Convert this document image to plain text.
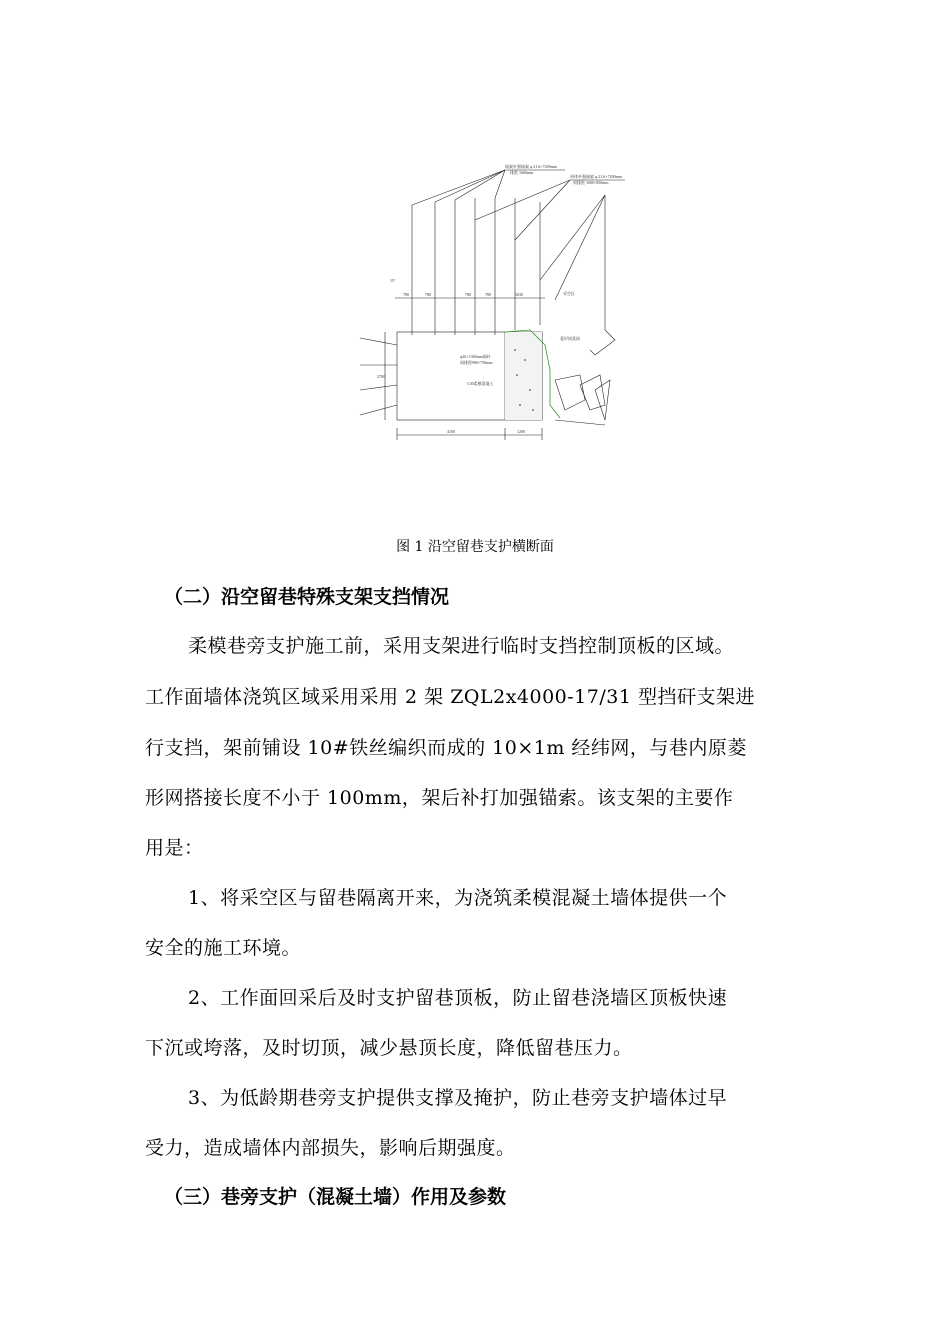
锚索补强锚索 φ 21.6×7200mm
排距 1600mm
单体补强锚索 φ 21.6×7200mm
间排距 1600×850mm
采空区
菱形网柔网
φ20×1300mm锚杆
间排距900×750mm
C30柔模混凝土
780	780	780	780	1630
2700
4100	1200
15°
图 1 沿空留巷支护横断面
（二）沿空留巷特殊支架支挡情况
柔模巷旁支护施工前，采用支架进行临时支挡控制顶板的区域。
工作面墙体浇筑区域采用采用 2 架 ZQL2x4000-17/31 型挡矸支架进
行支挡，架前铺设 10#铁丝编织而成的 10×1m 经纬网，与巷内原菱
形网搭接长度不小于 100mm，架后补打加强锚索。该支架的主要作
用是：
1、将采空区与留巷隔离开来，为浇筑柔模混凝土墙体提供一个
安全的施工环境。
2、工作面回采后及时支护留巷顶板，防止留巷浇墙区顶板快速
下沉或垮落，及时切顶，减少悬顶长度，降低留巷压力。
3、为低龄期巷旁支护提供支撑及掩护，防止巷旁支护墙体过早
受力，造成墙体内部损失，影响后期强度。
（三）巷旁支护（混凝土墙）作用及参数
